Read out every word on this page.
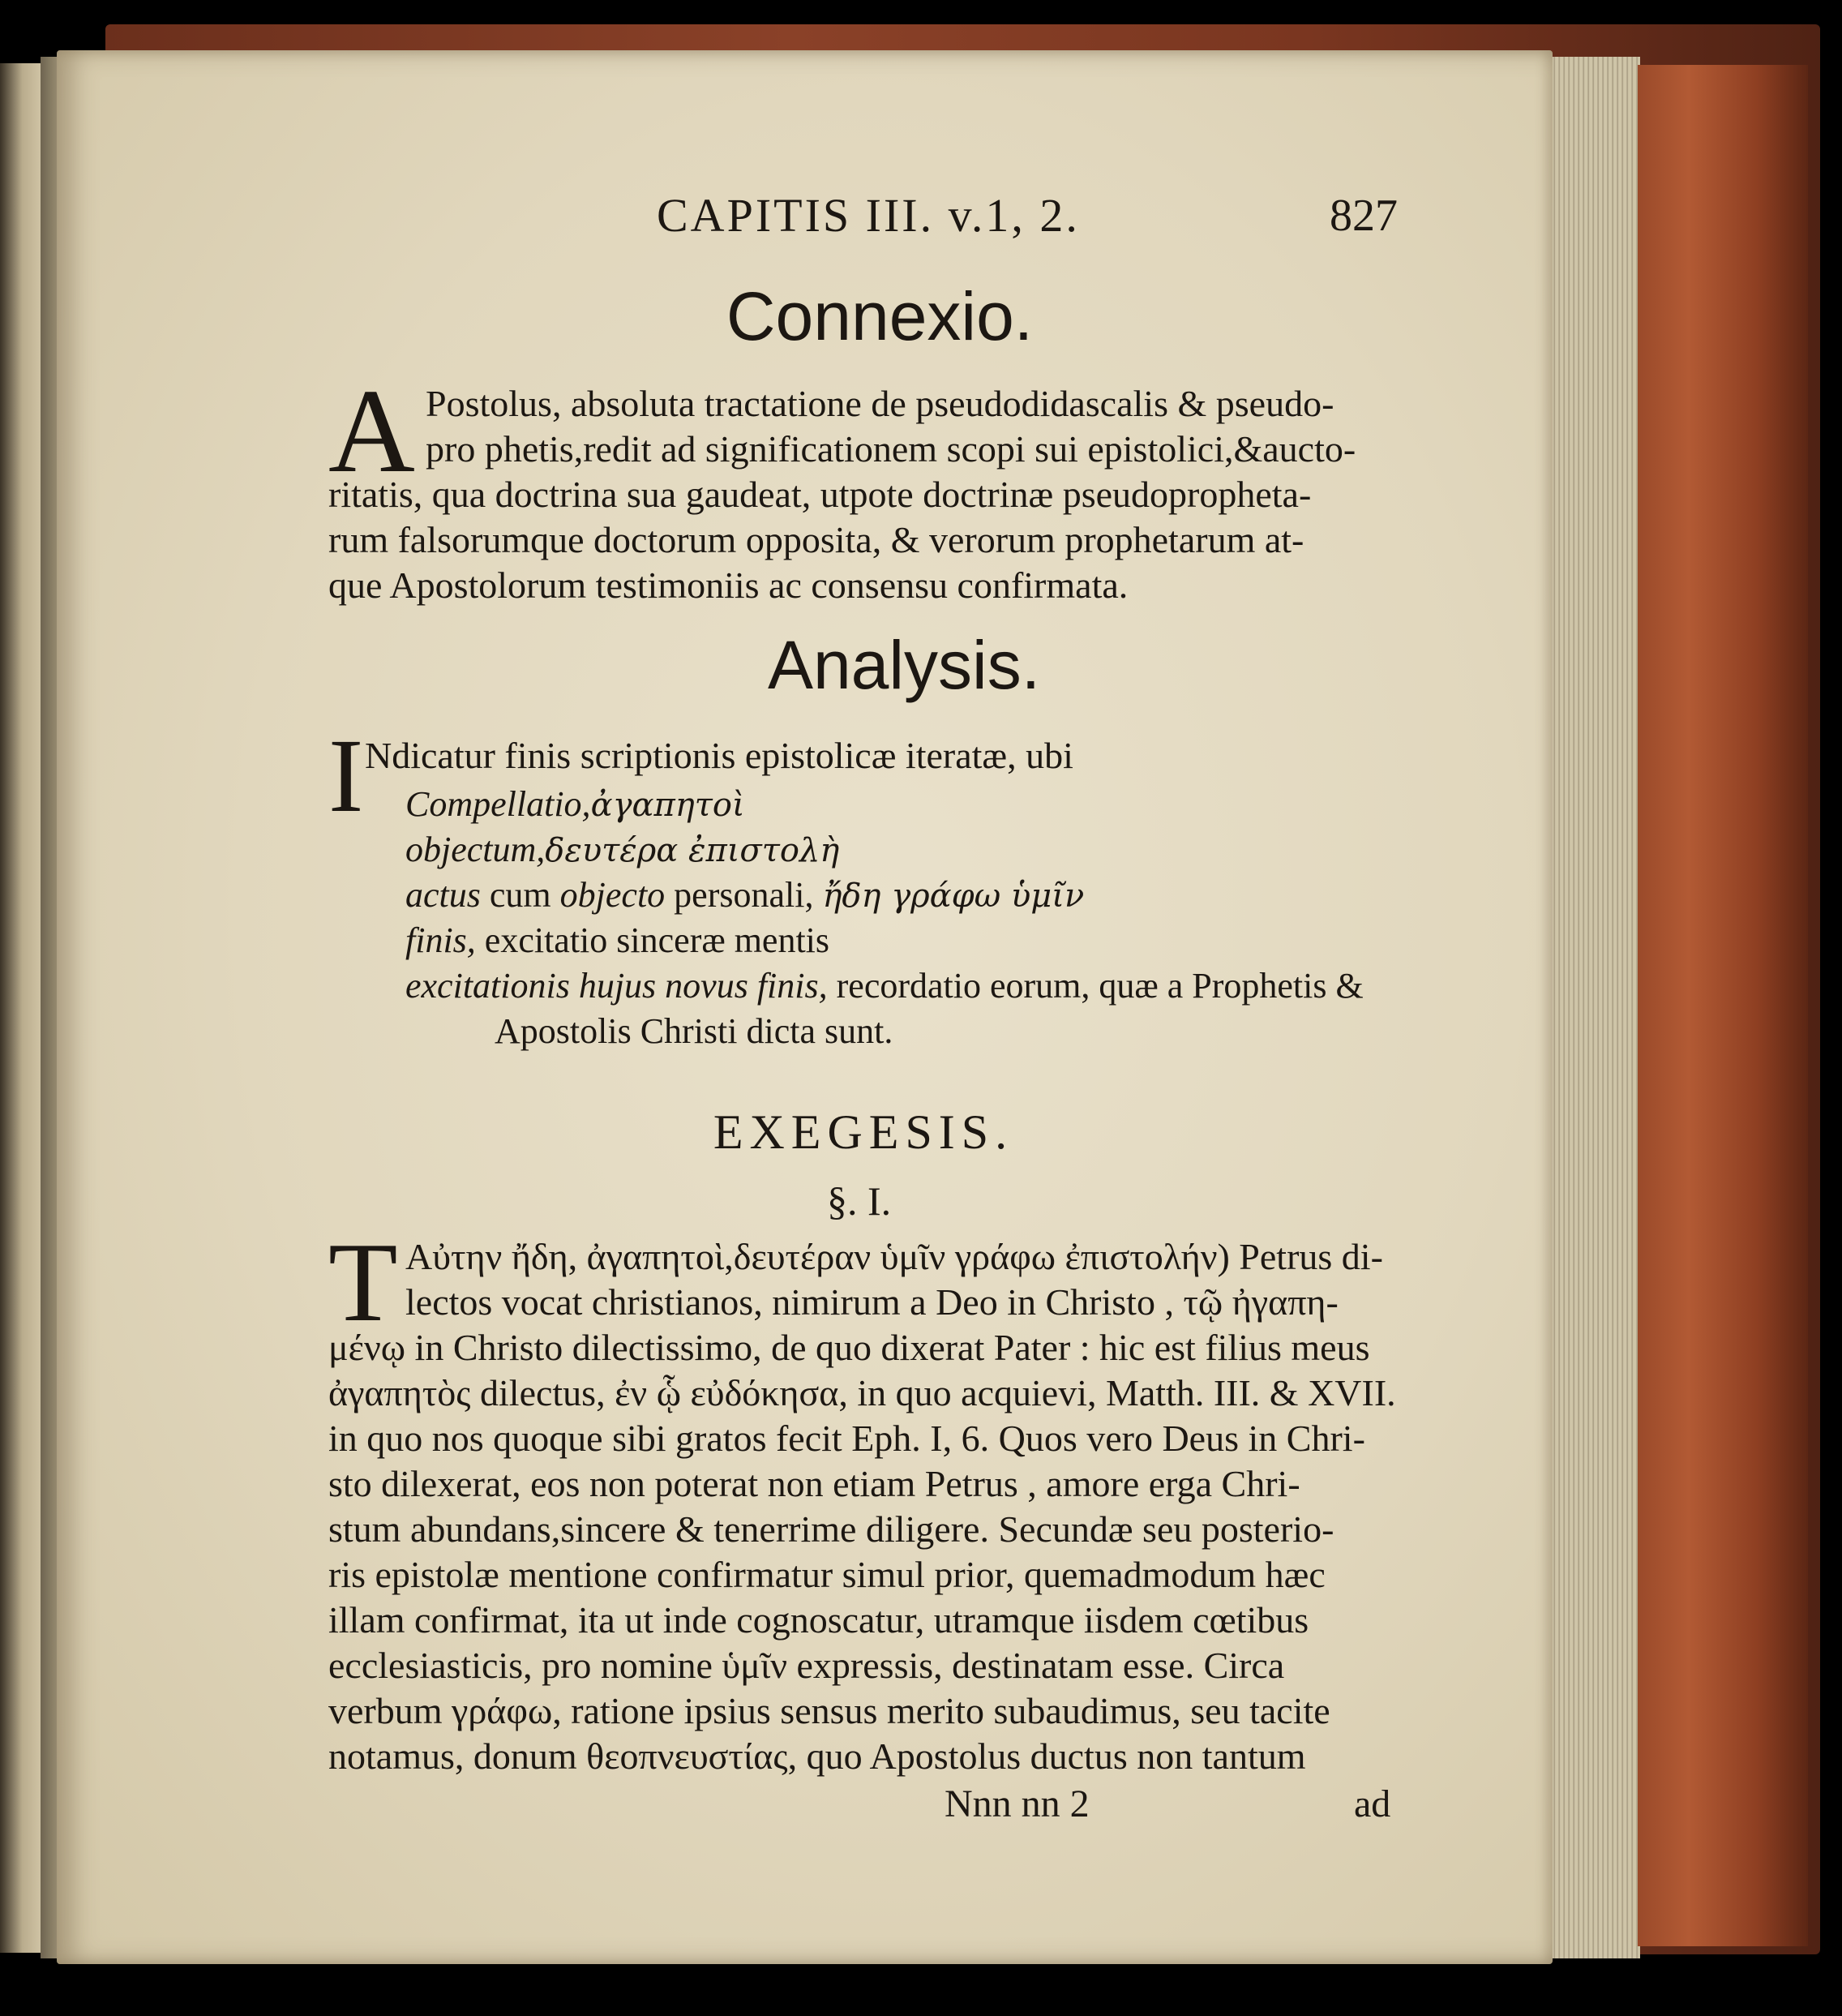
CAPITIS III. v.1, 2.	827
Connexio.
A Postolus, absoluta tractatione de pseudodidascalis & pseudo-
pro phetis,redit ad significationem scopi sui epistolici,&aucto-
ritatis, qua doctrina sua gaudeat, utpote doctrinæ pseudopropheta-
rum falsorumque doctorum opposita, & verorum prophetarum at-
que Apostolorum testimoniis ac consensu confirmata.
Analysis.
I Ndicatur finis scriptionis epistolicæ iteratæ, ubi
Compellatio,ἀγαπητοὶ
objectum,δευτέρα ἐπιστολὴ
actus cum objecto personali, ἤδη γράφω ὑμῖν
finis, excitatio sinceræ mentis
excitationis hujus novus finis, recordatio eorum, quæ a Prophetis &
Apostolis Christi dicta sunt.
EXEGESIS.
§. I.
T Αὐτην ἤδη, ἀγαπητοὶ,δευτέραν ὑμῖν γράφω ἐπιστολήν) Petrus di-
lectos vocat christianos, nimirum a Deo in Christo , τῷ ἠγαπη-
μένῳ in Christo dilectissimo, de quo dixerat Pater : hic est filius meus
ἀγαπητὸς dilectus, ἐν ᾧ εὐδόκησα, in quo acquievi, Matth. III. & XVII.
in quo nos quoque sibi gratos fecit Eph. I, 6. Quos vero Deus in Chri-
sto dilexerat, eos non poterat non etiam Petrus , amore erga Chri-
stum abundans,sincere & tenerrime diligere. Secundæ seu posterio-
ris epistolæ mentione confirmatur simul prior, quemadmodum hæc
illam confirmat, ita ut inde cognoscatur, utramque iisdem cœtibus
ecclesiasticis, pro nomine ὑμῖν expressis, destinatam esse. Circa
verbum γράφω, ratione ipsius sensus merito subaudimus, seu tacite
notamus, donum θεοπνευστίας, quo Apostolus ductus non tantum
Nnn nn 2	ad
